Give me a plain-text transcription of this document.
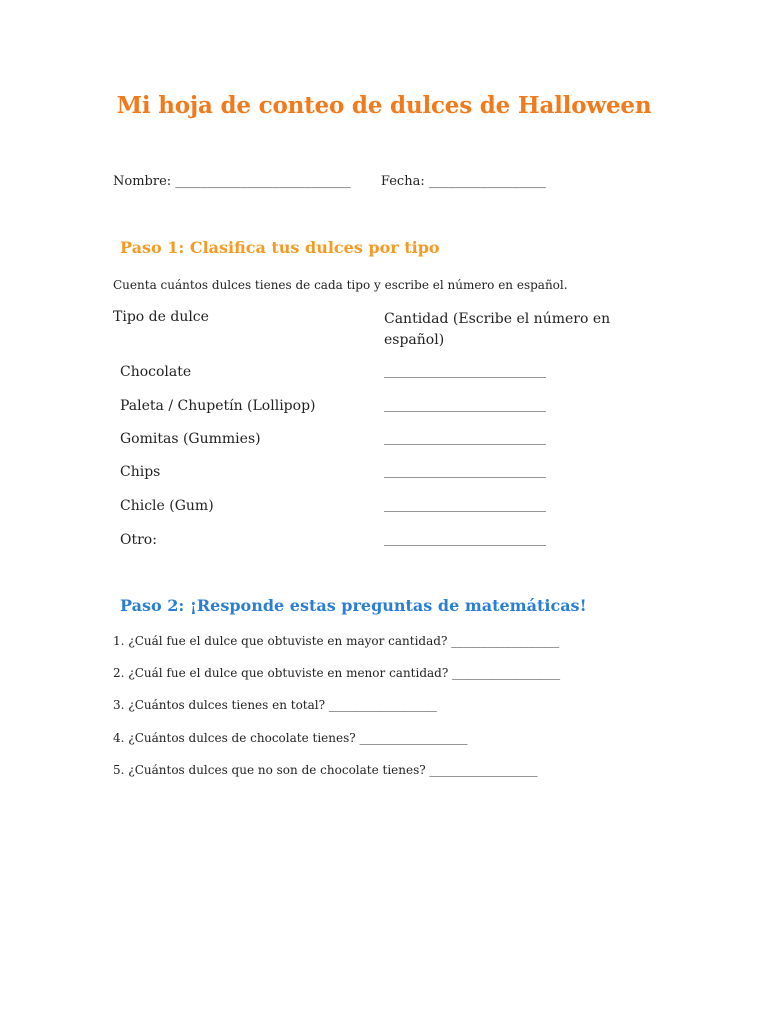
Mi hoja de conteo de dulces de Halloween
Nombre: ___________________________ Fecha: __________________
Paso 1: Clasifica tus dulces por tipo
Cuenta cuántos dulces tienes de cada tipo y escribe el número en español.
Tipo de dulce	Cantidad (Escribe el número en español)
Chocolate	___________________________
Paleta / Chupetín (Lollipop)	___________________________
Gomitas (Gummies)	___________________________
Chips	___________________________
Chicle (Gum)	___________________________
Otro:	___________________________
Paso 2: ¡Responde estas preguntas de matemáticas!
1. ¿Cuál fue el dulce que obtuviste en mayor cantidad? __________________
2. ¿Cuál fue el dulce que obtuviste en menor cantidad? __________________
3. ¿Cuántos dulces tienes en total? __________________
4. ¿Cuántos dulces de chocolate tienes? __________________
5. ¿Cuántos dulces que no son de chocolate tienes? __________________
